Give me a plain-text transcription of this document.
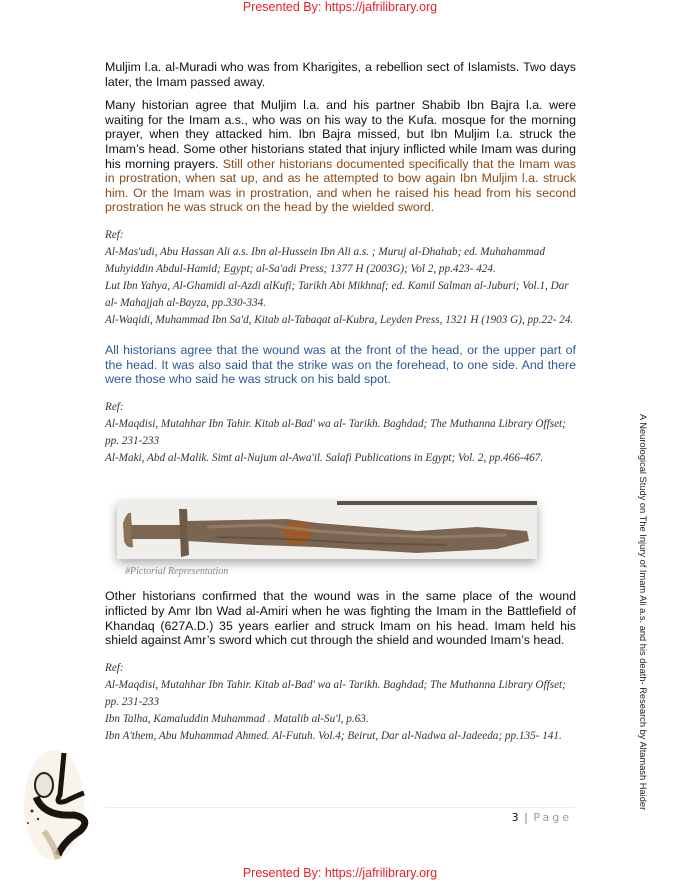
Presented By: https://jafrilibrary.org

Muljim l.a. al-Muradi who was from Kharigites, a rebellion sect of Islamists. Two days later, the Imam passed away.

Many historian agree that Muljim l.a. and his partner Shabib Ibn Bajra l.a. were waiting for the Imam a.s., who was on his way to the Kufa. mosque for the morning prayer, when they attacked him. Ibn Bajra missed, but Ibn Muljim l.a. struck the Imam’s head. Some other historians stated that injury inflicted while Imam was during his morning prayers. Still other historians documented specifically that the Imam was in prostration, when sat up, and as he attempted to bow again Ibn Muljim l.a. struck him. Or the Imam was in prostration, and when he raised his head from his second prostration he was struck on the head by the wielded sword.

Ref:
Al-Mas'udi, Abu Hassan Ali a.s. Ibn al-Hussein Ibn Ali a.s. ; Muruj al-Dhahab; ed. Muhahammad
Muhyiddin Abdul-Hamid; Egypt; al-Sa'adi Press; 1377 H (2003G); Vol 2, pp.423- 424.
Lut Ibn Yahya, Al-Ghamidi al-Azdi alKufi; Tarikh Abi Mikhnaf; ed. Kamil Salman al-Juburi; Vol.1, Dar
al- Mahajjah al-Bayza, pp.330-334.
Al-Waqidi, Muhammad Ibn Sa'd, Kitab al-Tabaqat al-Kubra, Leyden Press, 1321 H (1903 G), pp.22- 24.

All historians agree that the wound was at the front of the head, or the upper part of the head. It was also said that the strike was on the forehead, to one side. And there were those who said he was struck on his bald spot.

Ref:
Al-Maqdisi, Mutahhar Ibn Tahir. Kitab al-Bad' wa al- Tarikh. Baghdad; The Muthanna Library Offset;
pp. 231-233
Al-Maki, Abd al-Malik. Simt al-Nujum al-Awa'il. Salafi Publications in Egypt; Vol. 2, pp.466-467.
#Pictorial Representation

Other historians confirmed that the wound was in the same place of the wound inflicted by Amr Ibn Wad al-Amiri when he was fighting the Imam in the Battlefield of Khandaq (627A.D.) 35 years earlier and struck Imam on his head. Imam held his shield against Amr’s sword which cut through the shield and wounded Imam’s head.

Ref:
Al-Maqdisi, Mutahhar Ibn Tahir. Kitab al-Bad' wa al- Tarikh. Baghdad; The Muthanna Library Offset;
pp. 231-233
Ibn Talha, Kamaluddin Muhammad . Matalib al-Su'l, p.63.
Ibn A'them, Abu Muhammad Ahmed. Al-Futuh. Vol.4; Beirut, Dar al-Nadwa al-Jadeeda; pp.135- 141.
3 | Page
A Neurological Study on The Injury of Imam Ali a.s. and his death- Research by Altamash Haider
Presented By: https://jafrilibrary.org
